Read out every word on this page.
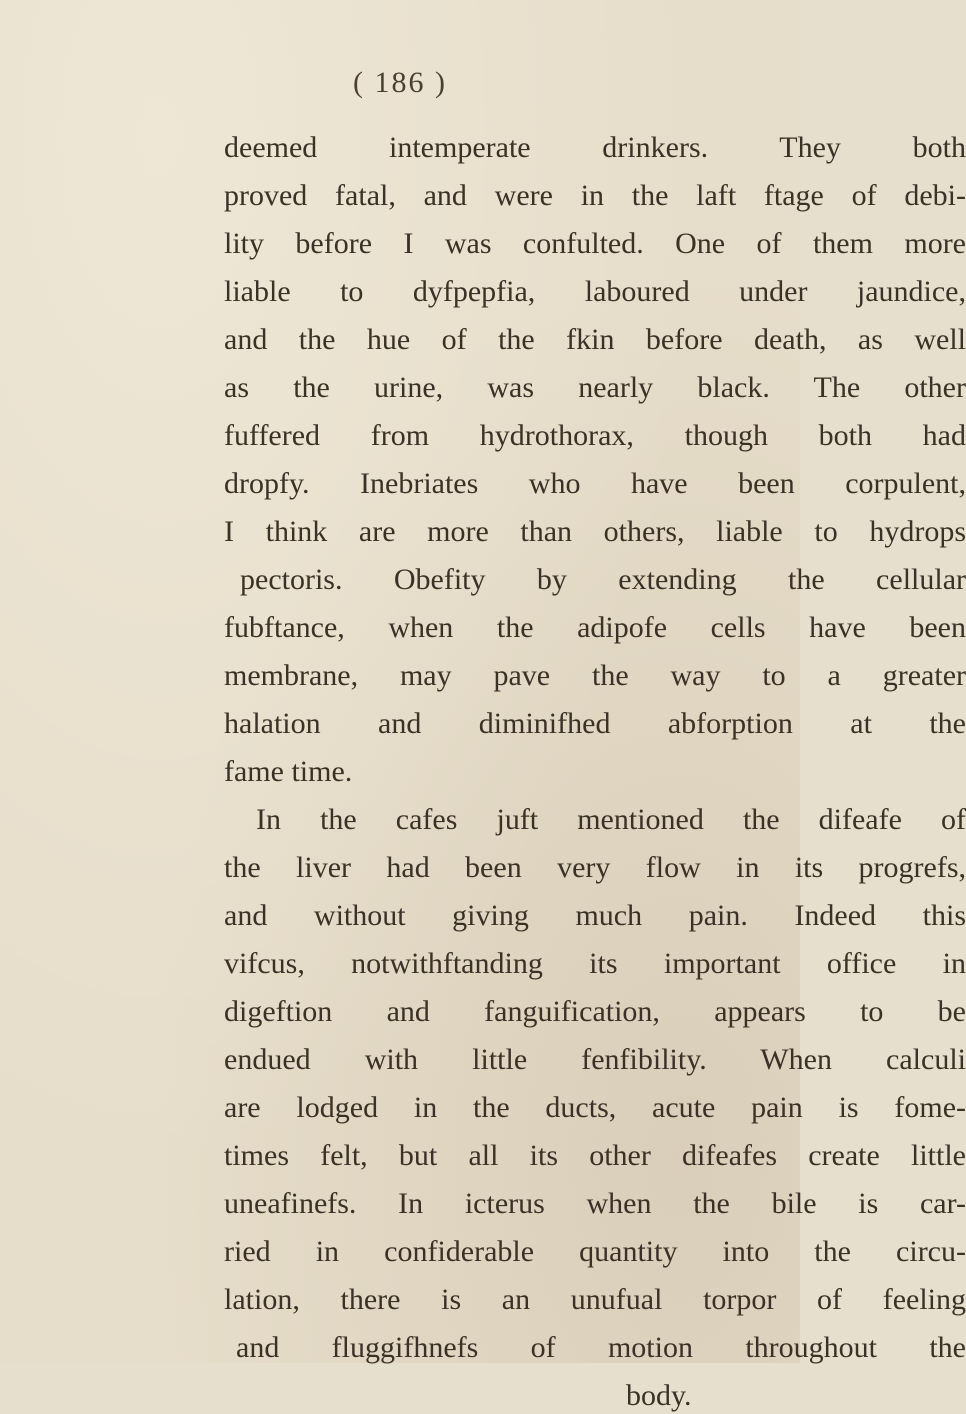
( 186 )
deemed intemperate drinkers. They both
proved fatal, and were in the laft ftage of debi-
lity before I was confulted. One of them more
liable to dyfpepfia, laboured under jaundice,
and the hue of the fkin before death, as well
as the urine, was nearly black. The other
fuffered from hydrothorax, though both had
dropfy. Inebriates who have been corpulent,
I think are more than others, liable to hydrops
pectoris. Obefity by extending the cellular
fubftance, when the adipofe cells have been
membrane, may pave the way to a greater
halation and diminifhed abforption at the
fame time.
In the cafes juft mentioned the difeafe of
the liver had been very flow in its progrefs,
and without giving much pain. Indeed this
vifcus, notwithftanding its important office in
digeftion and fanguification, appears to be
endued with little fenfibility. When calculi
are lodged in the ducts, acute pain is fome-
times felt, but all its other difeafes create little
uneafinefs. In icterus when the bile is car-
ried in confiderable quantity into the circu-
lation, there is an unufual torpor of feeling
and fluggifhnefs of motion throughout the
body.
